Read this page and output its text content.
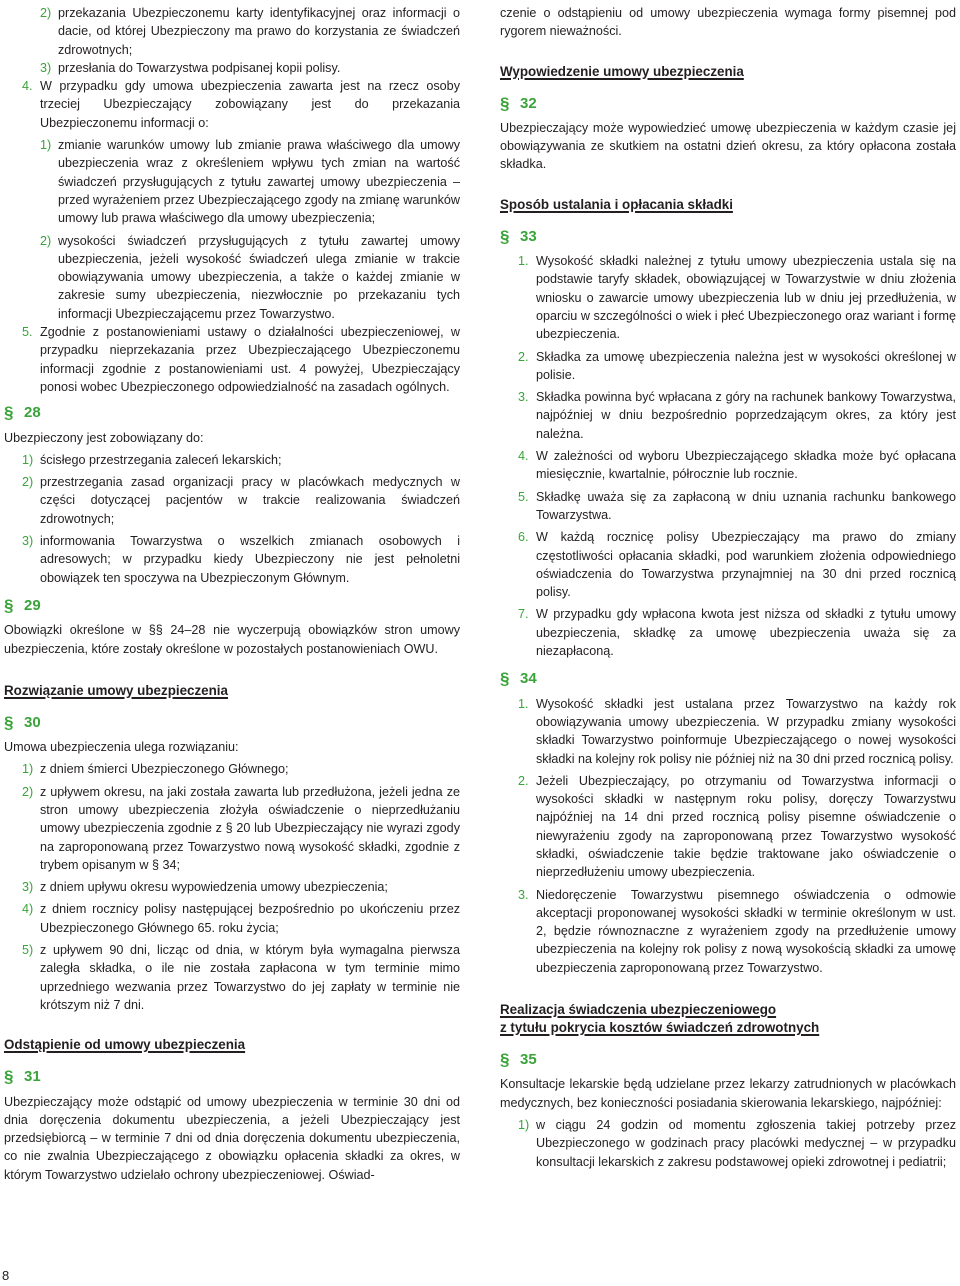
2) przekazania Ubezpieczonemu karty identyfikacyjnej oraz informacji o dacie, od której Ubezpieczony ma prawo do korzystania ze świadczeń zdrowotnych;
3) przesłania do Towarzystwa podpisanej kopii polisy.
4. W przypadku gdy umowa ubezpieczenia zawarta jest na rzecz osoby trzeciej Ubezpieczający zobowiązany jest do przekazania Ubezpieczonemu informacji o:
1) zmianie warunków umowy lub zmianie prawa właściwego dla umowy ubezpieczenia wraz z określeniem wpływu tych zmian na wartość świadczeń przysługujących z tytułu zawartej umowy ubezpieczenia – przed wyrażeniem przez Ubezpieczającego zgody na zmianę warunków umowy lub prawa właściwego dla umowy ubezpieczenia;
2) wysokości świadczeń przysługujących z tytułu zawartej umowy ubezpieczenia, jeżeli wysokość świadczeń ulega zmianie w trakcie obowiązywania umowy ubezpieczenia, a także o każdej zmianie w zakresie sumy ubezpieczenia, niezwłocznie po przekazaniu tych informacji Ubezpieczającemu przez Towarzystwo.
5. Zgodnie z postanowieniami ustawy o działalności ubezpieczeniowej, w przypadku nieprzekazania przez Ubezpieczającego Ubezpieczonemu informacji zgodnie z postanowieniami ust. 4 powyżej, Ubezpieczający ponosi wobec Ubezpieczonego odpowiedzialność na zasadach ogólnych.
§ 28

Ubezpieczony jest zobowiązany do:

1) ścisłego przestrzegania zaleceń lekarskich;
2) przestrzegania zasad organizacji pracy w placówkach medycznych w części dotyczącej pacjentów w trakcie realizowania świadczeń zdrowotnych;
3) informowania Towarzystwa o wszelkich zmianach osobowych i adresowych; w przypadku kiedy Ubezpieczony nie jest pełnoletni obowiązek ten spoczywa na Ubezpieczonym Głównym.
§ 29

Obowiązki określone w §§ 24–28 nie wyczerpują obowiązków stron umowy ubezpieczenia, które zostały określone w pozostałych postanowieniach OWU.

Rozwiązanie umowy ubezpieczenia
§ 30

Umowa ubezpieczenia ulega rozwiązaniu:

1) z dniem śmierci Ubezpieczonego Głównego;
2) z upływem okresu, na jaki została zawarta lub przedłużona, jeżeli jedna ze stron umowy ubezpieczenia złożyła oświadczenie o nieprzedłużaniu umowy ubezpieczenia zgodnie z § 20 lub Ubezpieczający nie wyrazi zgody na zaproponowaną przez Towarzystwo nową wysokość składki, zgodnie z trybem opisanym w § 34;
3) z dniem upływu okresu wypowiedzenia umowy ubezpieczenia;
4) z dniem rocznicy polisy następującej bezpośrednio po ukończeniu przez Ubezpieczonego Głównego 65. roku życia;
5) z upływem 90 dni, licząc od dnia, w którym była wymagalna pierwsza zaległa składka, o ile nie została zapłacona w tym terminie mimo uprzedniego wezwania przez Towarzystwo do jej zapłaty w terminie nie krótszym niż 7 dni.
Odstąpienie od umowy ubezpieczenia
§ 31

Ubezpieczający może odstąpić od umowy ubezpieczenia w terminie 30 dni od dnia doręczenia dokumentu ubezpieczenia, a jeżeli Ubezpieczający jest przedsiębiorcą – w terminie 7 dni od dnia doręczenia dokumentu ubezpieczenia, co nie zwalnia Ubezpieczającego z obowiązku opłacenia składki za okres, w którym Towarzystwo udzielało ochrony ubezpieczeniowej. Oświad-

czenie o odstąpieniu od umowy ubezpieczenia wymaga formy pisemnej pod rygorem nieważności.

Wypowiedzenie umowy ubezpieczenia
§ 32

Ubezpieczający może wypowiedzieć umowę ubezpieczenia w każdym czasie jej obowiązywania ze skutkiem na ostatni dzień okresu, za który opłacona została składka.

Sposób ustalania i opłacania składki
§ 33
1. Wysokość składki należnej z tytułu umowy ubezpieczenia ustala się na podstawie taryfy składek, obowiązującej w Towarzystwie w dniu złożenia wniosku o zawarcie umowy ubezpieczenia lub w dniu jej przedłużenia, w oparciu w szczególności o wiek i płeć Ubezpieczonego oraz wariant i formę ubezpieczenia.
2. Składka za umowę ubezpieczenia należna jest w wysokości określonej w polisie.
3. Składka powinna być wpłacana z góry na rachunek bankowy Towarzystwa, najpóźniej w dniu bezpośrednio poprzedzającym okres, za który jest należna.
4. W zależności od wyboru Ubezpieczającego składka może być opłacana miesięcznie, kwartalnie, półrocznie lub rocznie.
5. Składkę uważa się za zapłaconą w dniu uznania rachunku bankowego Towarzystwa.
6. W każdą rocznicę polisy Ubezpieczający ma prawo do zmiany częstotliwości opłacania składki, pod warunkiem złożenia odpowiedniego oświadczenia do Towarzystwa przynajmniej na 30 dni przed rocznicą polisy.
7. W przypadku gdy wpłacona kwota jest niższa od składki z tytułu umowy ubezpieczenia, składkę za umowę ubezpieczenia uważa się za niezapłaconą.
§ 34
1. Wysokość składki jest ustalana przez Towarzystwo na każdy rok obowiązywania umowy ubezpieczenia. W przypadku zmiany wysokości składki Towarzystwo poinformuje Ubezpieczającego o nowej wysokości składki na kolejny rok polisy nie później niż na 30 dni przed rocznicą polisy.
2. Jeżeli Ubezpieczający, po otrzymaniu od Towarzystwa informacji o wysokości składki w następnym roku polisy, doręczy Towarzystwu najpóźniej na 14 dni przed rocznicą polisy pisemne oświadczenie o niewyrażeniu zgody na zaproponowaną przez Towarzystwo wysokość składki, oświadczenie takie będzie traktowane jako oświadczenie o nieprzedłużeniu umowy ubezpieczenia.
3. Niedoręczenie Towarzystwu pisemnego oświadczenia o odmowie akceptacji proponowanej wysokości składki w terminie określonym w ust. 2, będzie równoznaczne z wyrażeniem zgody na przedłużenie umowy ubezpieczenia na kolejny rok polisy z nową wysokością składki za umowę ubezpieczenia zaproponowaną przez Towarzystwo.
Realizacja świadczenia ubezpieczeniowego
z tytułu pokrycia kosztów świadczeń zdrowotnych
§ 35

Konsultacje lekarskie będą udzielane przez lekarzy zatrudnionych w placówkach medycznych, bez konieczności posiadania skierowania lekarskiego, najpóźniej:

1) w ciągu 24 godzin od momentu zgłoszenia takiej potrzeby przez Ubezpieczonego w godzinach pracy placówki medycznej – w przypadku konsultacji lekarskich z zakresu podstawowej opieki zdrowotnej i pediatrii;
8
